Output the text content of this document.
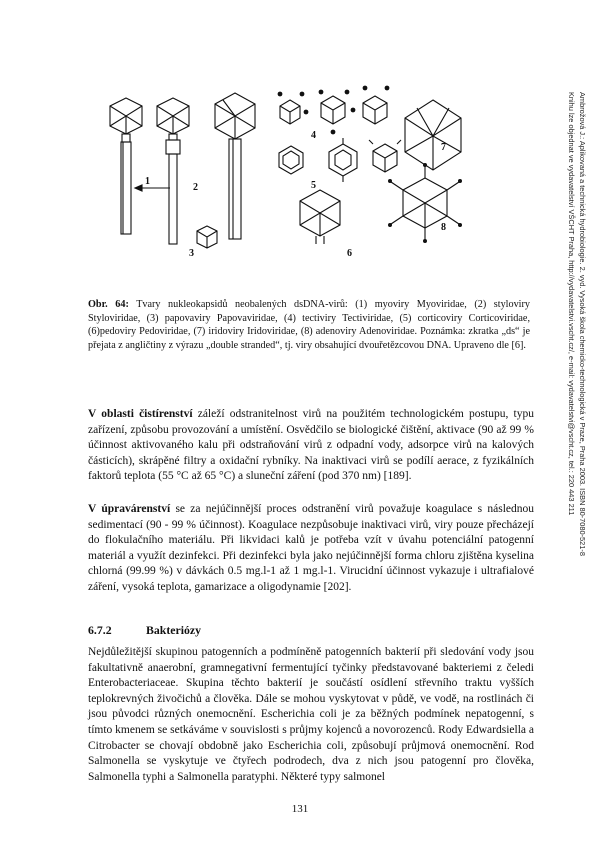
1
2
3
4
5
6
7
8
Obr. 64: Tvary nukleokapsidů neobalených dsDNA-virů: (1) myoviry Myoviridae, (2) styloviry Styloviridae, (3) papovaviry Papovaviridae, (4) tectiviry Tectiviridae, (5) corticoviry Corticoviridae, (6)pedoviry Pedoviridae, (7) iridoviry Iridoviridae, (8) adenoviry Adenoviridae. Poznámka: zkratka „ds“ je přejata z angličtiny z výrazu „double stranded“, tj. viry obsahující dvouřetězcovou DNA. Upraveno dle [6].
V oblasti čistírenství záleží odstranitelnost virů na použitém technologickém postupu, typu zařízení, způsobu provozování a umístění. Osvědčilo se biologické čištění, aktivace (90 až 99 % účinnost aktivovaného kalu při odstraňování virů z odpadní vody, adsorpce virů na kalových částicích), skrápěné filtry a oxidační rybníky. Na inaktivaci virů se podílí aerace, z fyzikálních faktorů teplota (55 °C až 65 °C) a sluneční záření (pod 370 nm) [189].
V úpravárenství se za nejúčinnější proces odstranění virů považuje koagulace s následnou sedimentací (90 - 99 % účinnost). Koagulace nezpůsobuje inaktivaci virů, viry pouze přecházejí do flokulačního materiálu. Při likvidaci kalů je potřeba vzít v úvahu potenciální patogenní materiál a využít dezinfekci. Při dezinfekci byla jako nejúčinnější forma chloru zjištěna kyselina chlorná (99.99 %) v dávkách 0.5 mg.l-1 až 1 mg.l-1. Virucidní účinnost vykazuje i ultrafialové záření, vysoká teplota, gamarizace a oligodynamie [202].
6.7.2	Bakteriózy
Nejdůležitější skupinou patogenních a podmíněně patogenních bakterií při sledování vody jsou fakultativně anaerobní, gramnegativní fermentující tyčinky představované bakteriemi z čeledi Enterobacteriaceae. Skupina těchto bakterií je součástí osídlení střevního traktu vyšších teplokrevných živočichů a člověka. Dále se mohou vyskytovat v půdě, ve vodě, na rostlinách či jsou původci různých onemocnění. Escherichia coli je za běžných podmínek nepatogenní, s tímto kmenem se setkáváme v souvislosti s průjmy kojenců a novorozenců. Rody Edwardsiella a Citrobacter se chovají obdobně jako Escherichia coli, způsobují průjmová onemocnění. Rod Salmonella se vyskytuje ve čtyřech podrodech, dva z nich jsou patogenní pro člověka, Salmonella typhi a Salmonella paratyphi. Některé typy salmonel
131
Ambrožová J.: Aplikovaná a technická hydrobiologie. 2. vyd. Vysoká škola chemicko-technologická v Praze, Praha 2003. ISBN 80-7080-521-8
Knihu lze objednat ve vydavatelství VŠCHT Praha, http://vydavatelstvi.vscht.cz/, e-mail: vydavatelstvi@vscht.cz, tel.: 220 443 211
